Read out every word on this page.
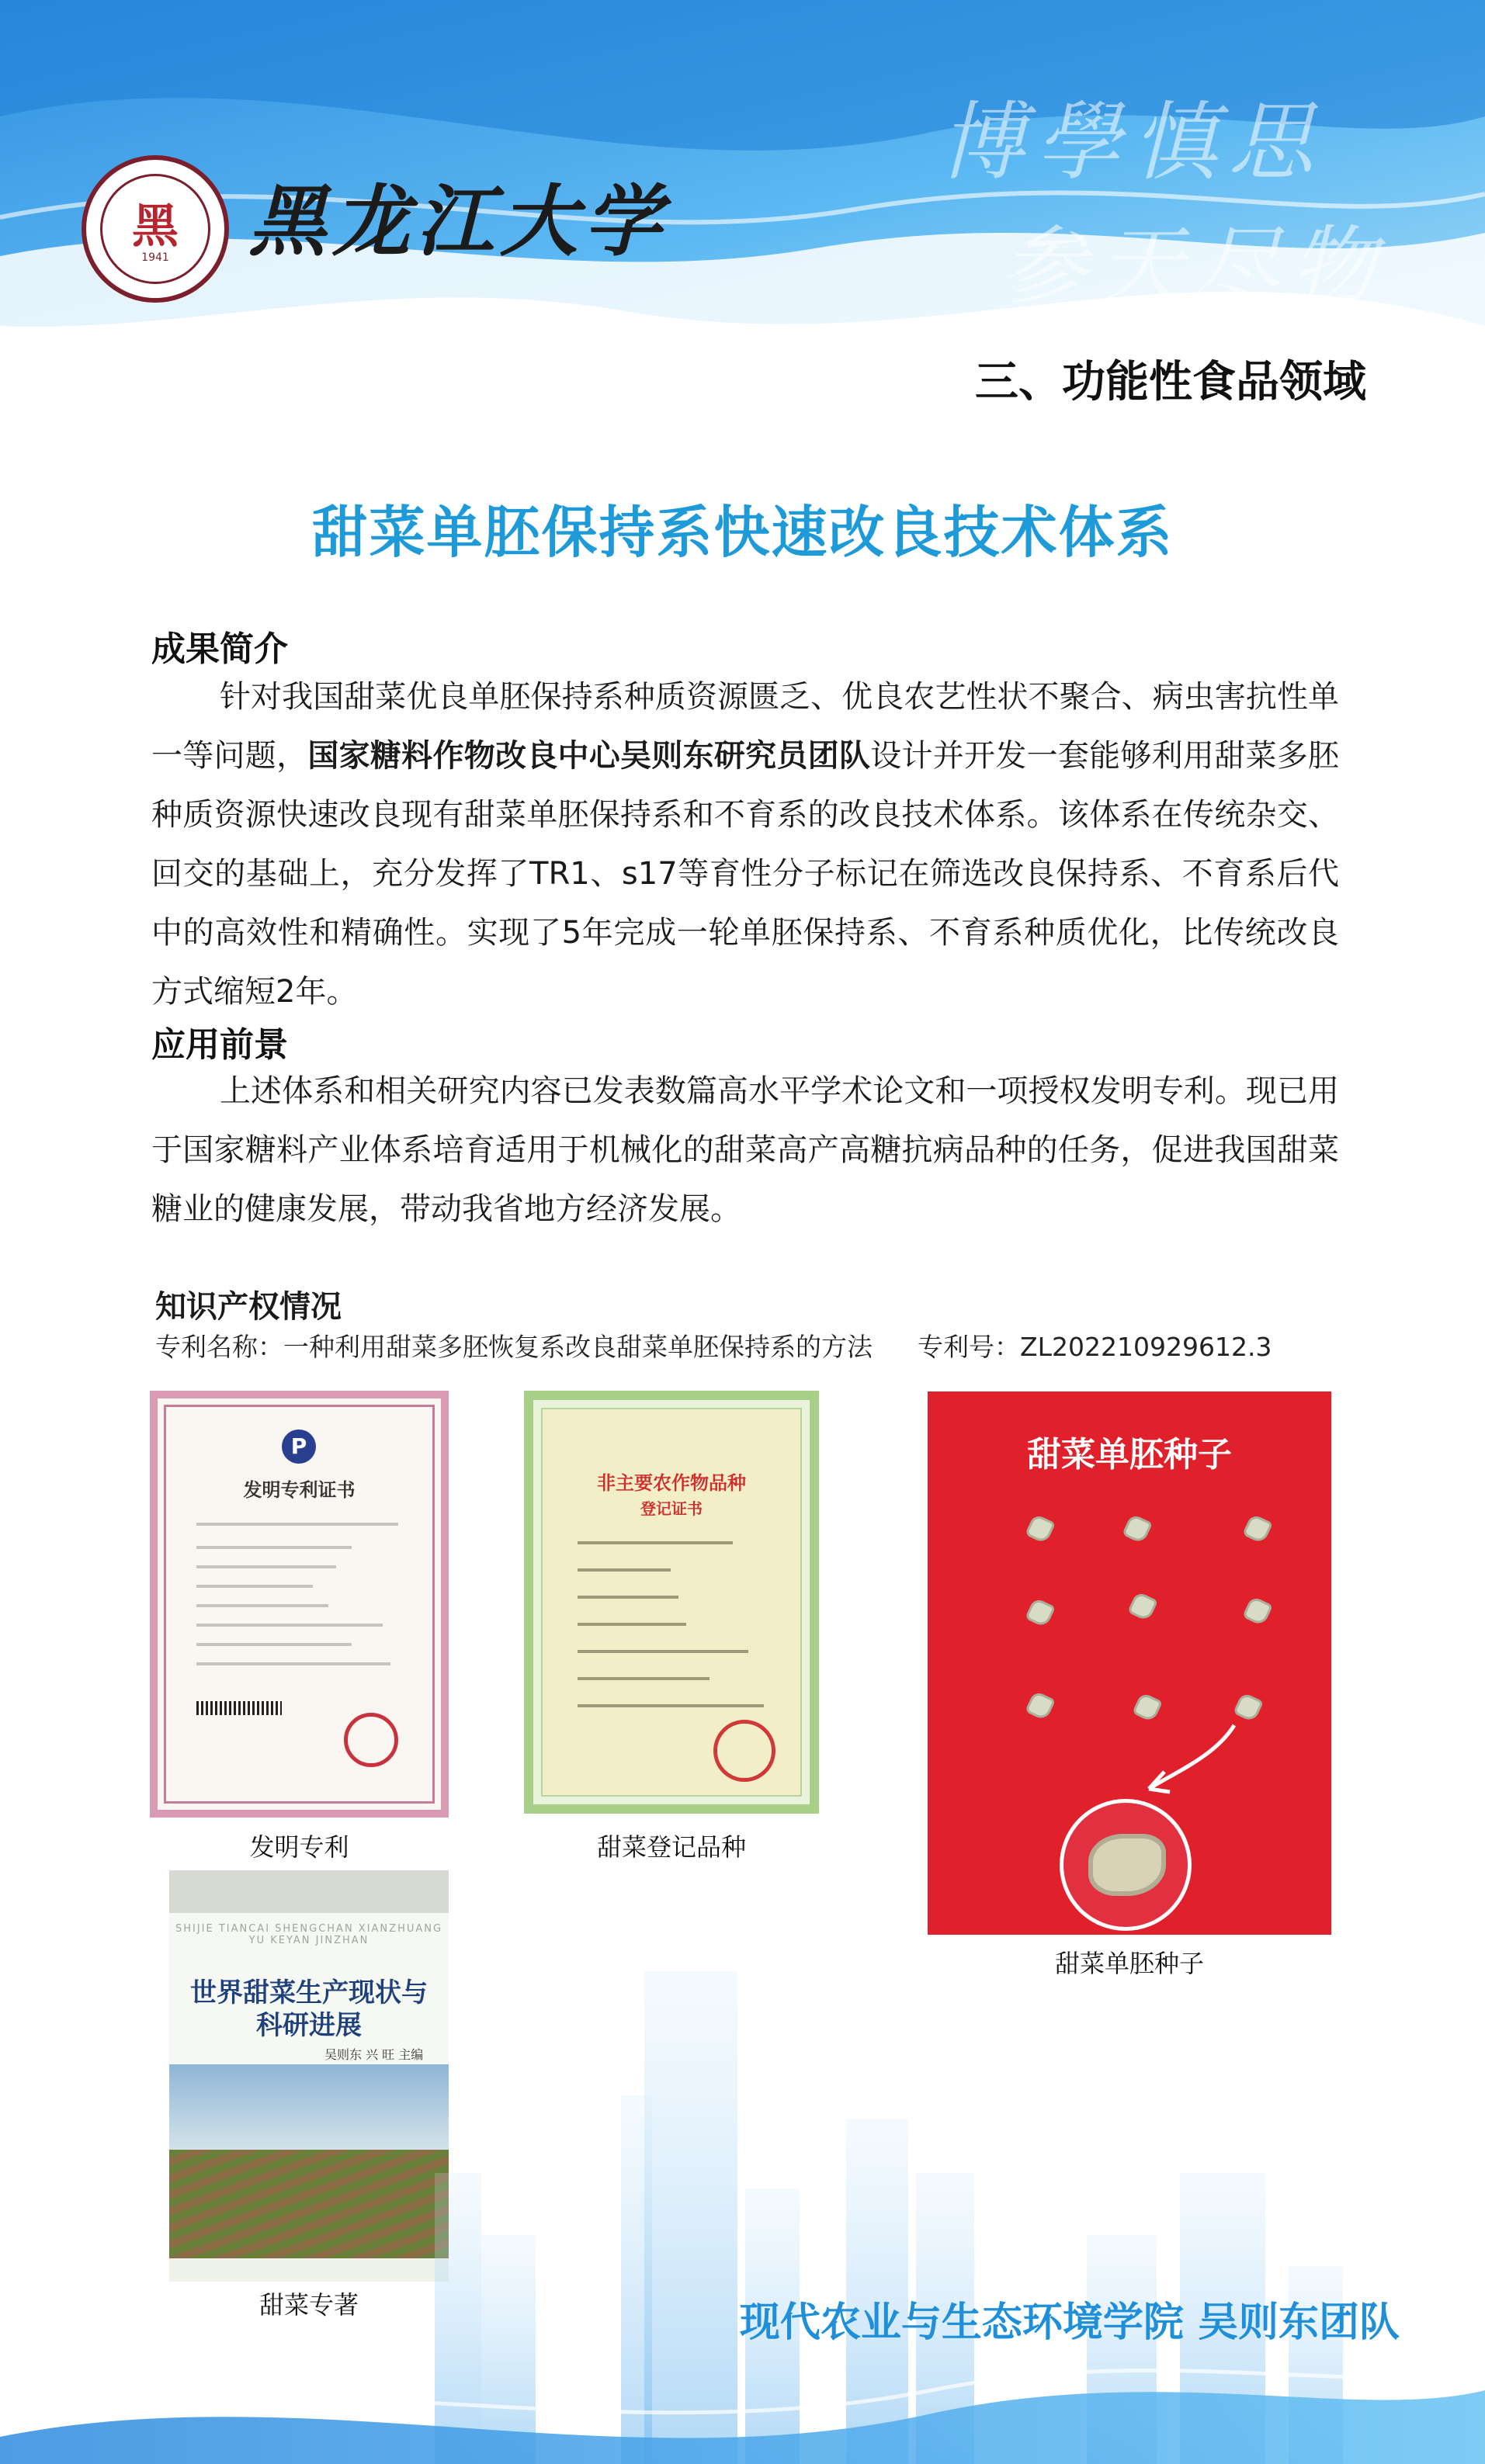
黑
1941	黑龙江大学
博學慎思
参天尽物
三、功能性食品领域
甜菜单胚保持系快速改良技术体系
成果简介

针对我国甜菜优良单胚保持系种质资源匮乏、优良农艺性状不聚合、病虫害抗性单一等问题，国家糖料作物改良中心吴则东研究员团队设计并开发一套能够利用甜菜多胚种质资源快速改良现有甜菜单胚保持系和不育系的改良技术体系。该体系在传统杂交、回交的基础上，充分发挥了TR1、s17等育性分子标记在筛选改良保持系、不育系后代中的高效性和精确性。实现了5年完成一轮单胚保持系、不育系种质优化，比传统改良方式缩短2年。

应用前景

上述体系和相关研究内容已发表数篇高水平学术论文和一项授权发明专利。现已用于国家糖料产业体系培育适用于机械化的甜菜高产高糖抗病品种的任务，促进我国甜菜糖业的健康发展，带动我省地方经济发展。

知识产权情况
专利名称：一种利用甜菜多胚恢复系改良甜菜单胚保持系的方法 专利号：ZL202210929612.3
P
发明专利证书	非主要农作物品种
登记证书
甜菜单胚种子
SHIJIE TIANCAI SHENGCHAN XIANZHUANG YU KEYAN JINZHAN
世界甜菜生产现状与
科研进展
吴则东 兴 旺 主编
发明专利	甜菜登记品种
甜菜单胚种子
甜菜专著	现代农业与生态环境学院 吴则东团队
